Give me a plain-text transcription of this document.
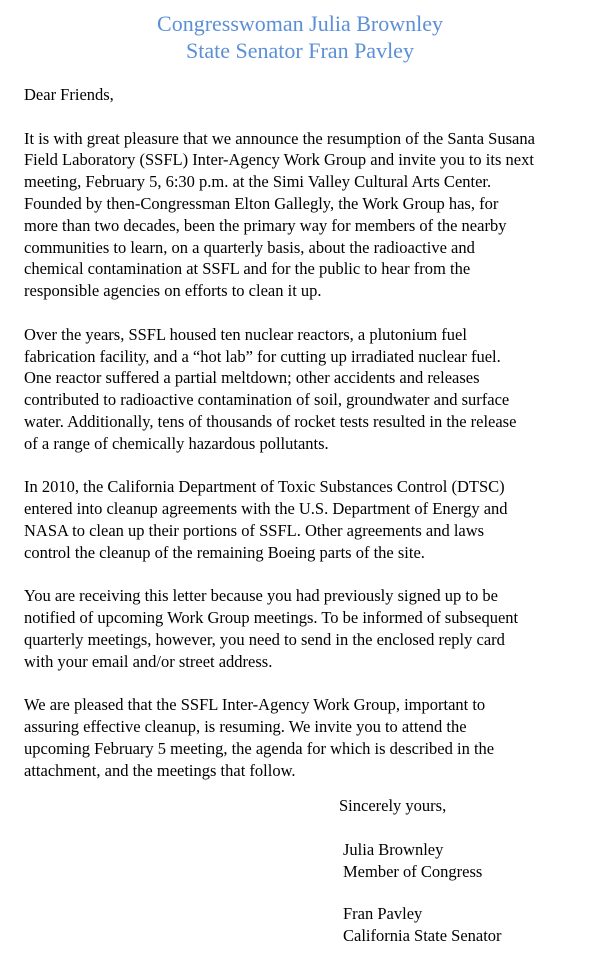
Congresswoman Julia Brownley
State Senator Fran Pavley

Dear Friends,

It is with great pleasure that we announce the resumption of the Santa Susana
Field Laboratory (SSFL) Inter-Agency Work Group and invite you to its next
meeting, February 5, 6:30 p.m. at the Simi Valley Cultural Arts Center.
Founded by then-Congressman Elton Gallegly, the Work Group has, for
more than two decades, been the primary way for members of the nearby
communities to learn, on a quarterly basis, about the radioactive and
chemical contamination at SSFL and for the public to hear from the
responsible agencies on efforts to clean it up.

Over the years, SSFL housed ten nuclear reactors, a plutonium fuel
fabrication facility, and a “hot lab” for cutting up irradiated nuclear fuel.
One reactor suffered a partial meltdown; other accidents and releases
contributed to radioactive contamination of soil, groundwater and surface
water. Additionally, tens of thousands of rocket tests resulted in the release
of a range of chemically hazardous pollutants.

In 2010, the California Department of Toxic Substances Control (DTSC)
entered into cleanup agreements with the U.S. Department of Energy and
NASA to clean up their portions of SSFL. Other agreements and laws
control the cleanup of the remaining Boeing parts of the site.

You are receiving this letter because you had previously signed up to be
notified of upcoming Work Group meetings. To be informed of subsequent
quarterly meetings, however, you need to send in the enclosed reply card
with your email and/or street address.

We are pleased that the SSFL Inter-Agency Work Group, important to
assuring effective cleanup, is resuming. We invite you to attend the
upcoming February 5 meeting, the agenda for which is described in the
attachment, and the meetings that follow.

Sincerely yours,
Julia Brownley
Member of Congress
Fran Pavley
California State Senator
